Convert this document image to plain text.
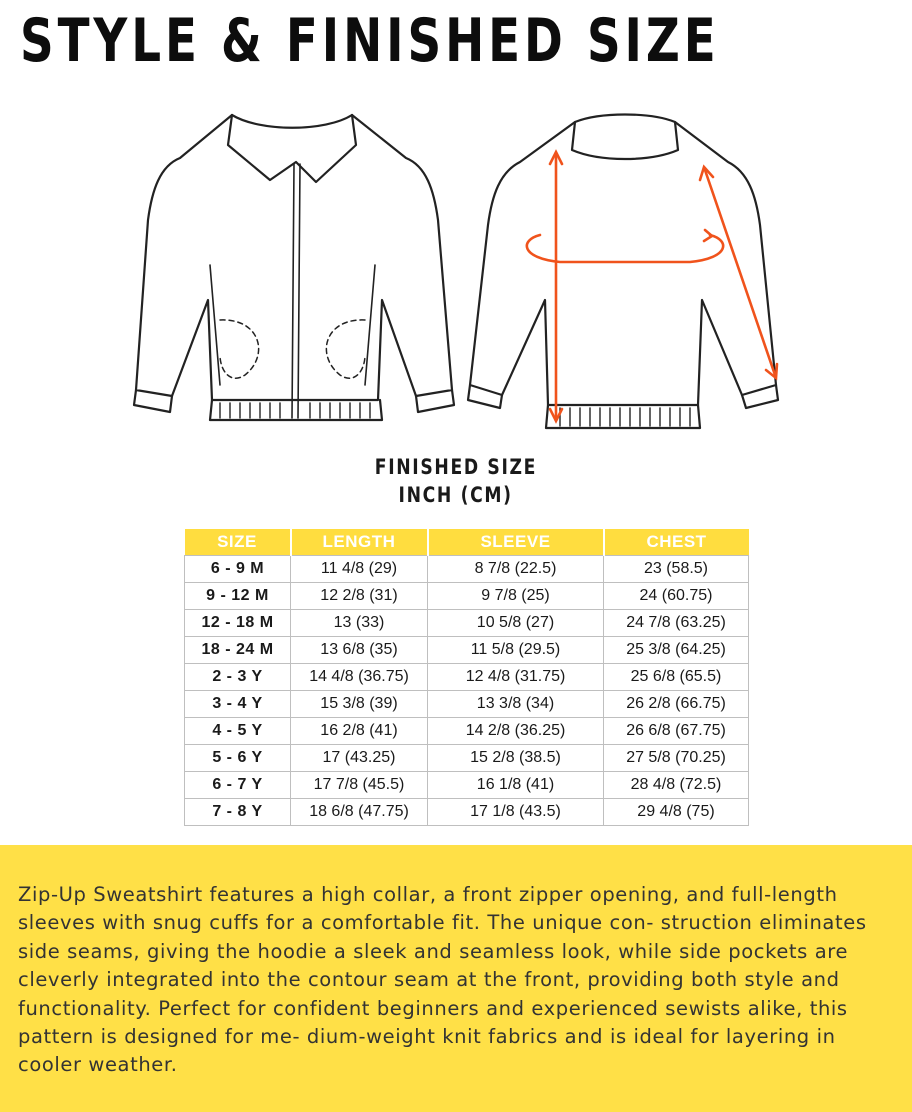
STYLE & FINISHED SIZE
FINISHED SIZE
INCH (CM)
SIZE	LENGTH	SLEEVE	CHEST
6 - 9 M	11 4/8 (29)	8 7/8 (22.5)	23 (58.5)
9 - 12 M	12 2/8 (31)	9 7/8 (25)	24 (60.75)
12 - 18 M	13 (33)	10 5/8 (27)	24 7/8 (63.25)
18 - 24 M	13 6/8 (35)	11 5/8 (29.5)	25 3/8 (64.25)
2 - 3 Y	14 4/8 (36.75)	12 4/8 (31.75)	25 6/8 (65.5)
3 - 4 Y	15 3/8 (39)	13 3/8 (34)	26 2/8 (66.75)
4 - 5 Y	16 2/8 (41)	14 2/8 (36.25)	26 6/8 (67.75)
5 - 6 Y	17 (43.25)	15 2/8 (38.5)	27 5/8 (70.25)
6 - 7 Y	17 7/8 (45.5)	16 1/8 (41)	28 4/8 (72.5)
7 - 8 Y	18 6/8 (47.75)	17 1/8 (43.5)	29 4/8 (75)

Zip-Up Sweatshirt features a high collar, a front zipper opening, and full-length sleeves with snug cuffs for a comfortable fit. The unique con- struction eliminates side seams, giving the hoodie a sleek and seamless look, while side pockets are cleverly integrated into the contour seam at the front, providing both style and functionality. Perfect for confident beginners and experienced sewists alike, this pattern is designed for me- dium-weight knit fabrics and is ideal for layering in cooler weather.
